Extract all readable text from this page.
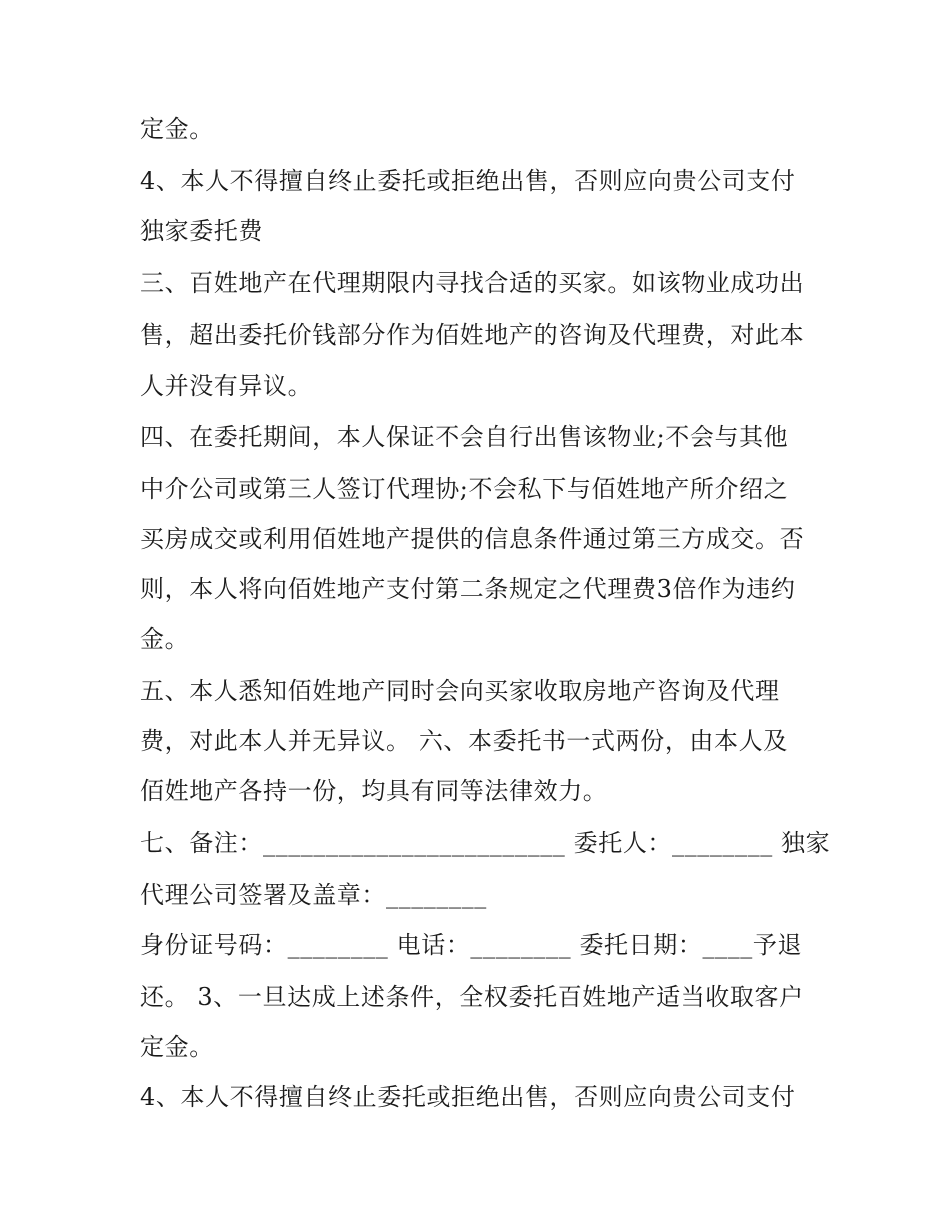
定金。
4、本人不得擅自终止委托或拒绝出售，否则应向贵公司支付
独家委托费
三、百姓地产在代理期限内寻找合适的买家。如该物业成功出
售，超出委托价钱部分作为佰姓地产的咨询及代理费，对此本
人并没有异议。
四、在委托期间，本人保证不会自行出售该物业;不会与其他
中介公司或第三人签订代理协;不会私下与佰姓地产所介绍之
买房成交或利用佰姓地产提供的信息条件通过第三方成交。否
则，本人将向佰姓地产支付第二条规定之代理费3倍作为违约
金。
五、本人悉知佰姓地产同时会向买家收取房地产咨询及代理
费，对此本人并无异议。 六、本委托书一式两份，由本人及
佰姓地产各持一份，均具有同等法律效力。
七、备注：________________________ 委托人：________ 独家
代理公司签署及盖章：________
身份证号码：________ 电话：________ 委托日期：____予退
还。 3、一旦达成上述条件，全权委托百姓地产适当收取客户
定金。
4、本人不得擅自终止委托或拒绝出售，否则应向贵公司支付
